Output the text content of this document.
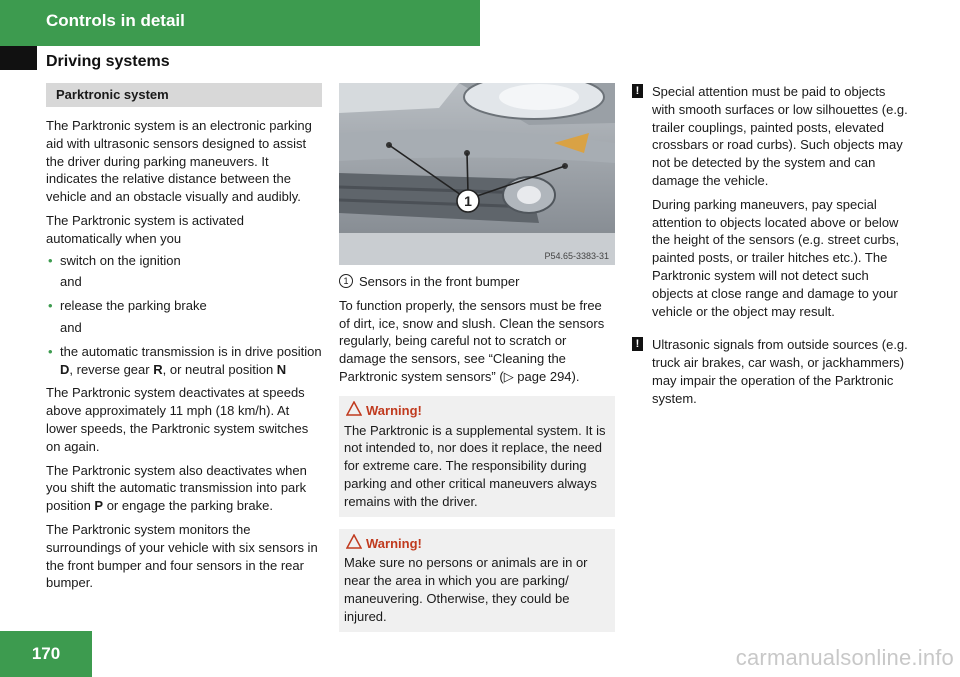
Controls in detail
Driving systems
Parktronic system

The Parktronic system is an electronic parking aid with ultrasonic sensors designed to assist the driver during parking maneuvers. It indicates the relative distance between the vehicle and an obstacle visually and audibly.

The Parktronic system is activated automatically when you

• switch on the ignition

and

• release the parking brake

and

• the automatic transmission is in drive position D, reverse gear R, or neutral position N

The Parktronic system deactivates at speeds above approximately 11 mph (18 km/h). At lower speeds, the Parktronic system switches on again.

The Parktronic system also deactivates when you shift the automatic transmission into park position P or engage the parking brake.

The Parktronic system monitors the surroundings of your vehicle with six sensors in the front bumper and four sensors in the rear bumper.

1
P54.65-3383-31
1 Sensors in the front bumper

To function properly, the sensors must be free of dirt, ice, snow and slush. Clean the sensors regularly, being careful not to scratch or damage the sensors, see “Cleaning the Parktronic system sensors” (▷ page 294).

Warning!
The Parktronic is a supplemental system. It is not intended to, nor does it replace, the need for extreme care. The responsibility during parking and other critical maneuvers always remains with the driver.
Warning!
Make sure no persons or animals are in or near the area in which you are parking/ maneuvering. Otherwise, they could be injured.
! Special attention must be paid to objects with smooth surfaces or low silhouettes (e.g. trailer couplings, painted posts, elevated crossbars or road curbs). Such objects may not be detected by the system and can damage the vehicle.
During parking maneuvers, pay special attention to objects located above or below the height of the sensors (e.g. street curbs, painted posts, or trailer hitches etc.). The Parktronic system will not detect such objects at close range and damage to your vehicle or the object may result.
! Ultrasonic signals from outside sources (e.g. truck air brakes, car wash, or jackhammers) may impair the operation of the Parktronic system.
170	carmanualsonline.info
